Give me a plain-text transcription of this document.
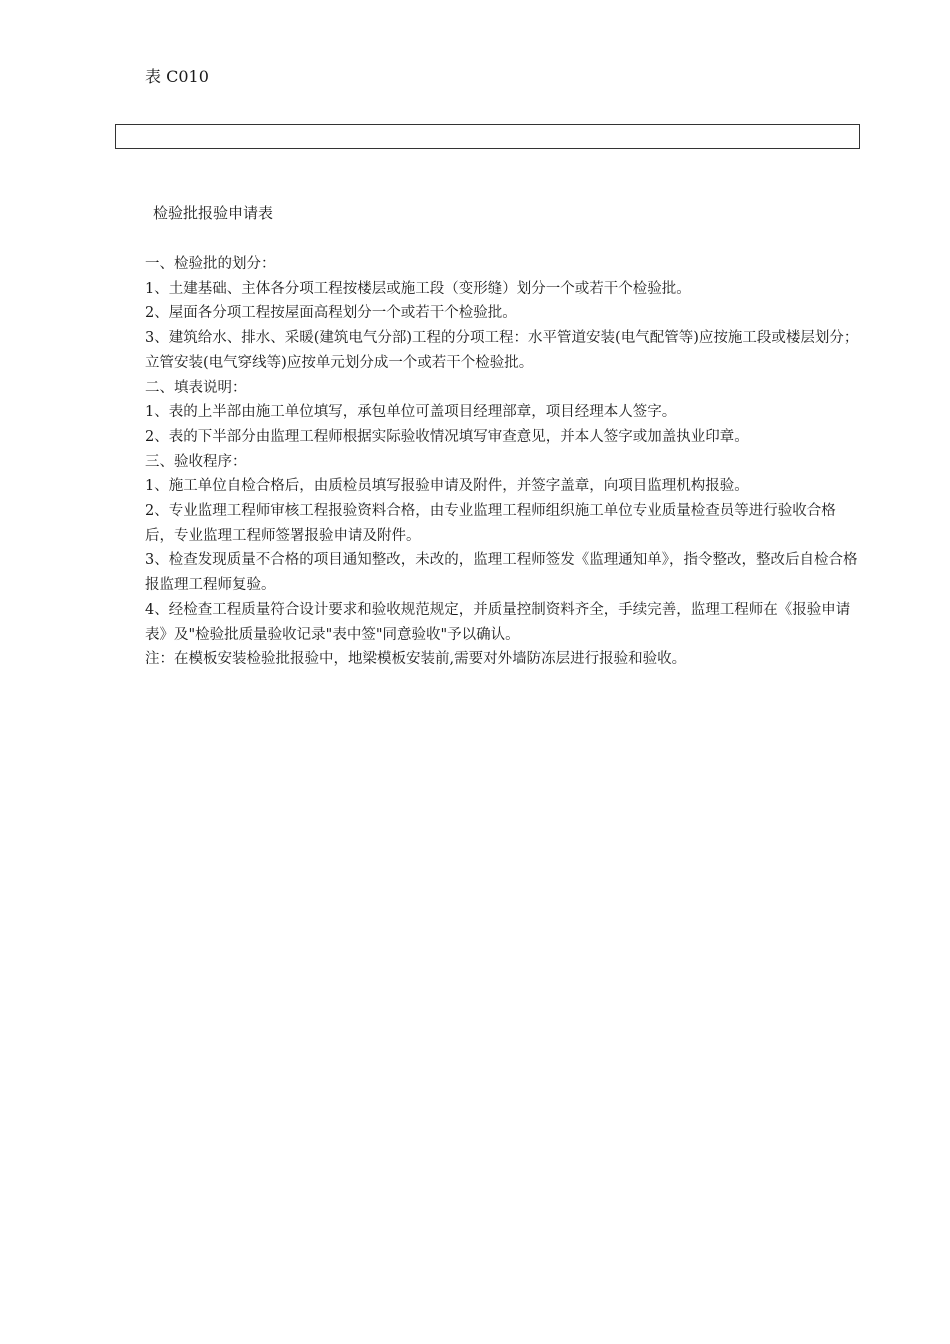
表 C010
检验批报验申请表

一、检验批的划分：

1、土建基础、主体各分项工程按楼层或施工段（变形缝）划分一个或若干个检验批。

2、屋面各分项工程按屋面高程划分一个或若干个检验批。

3、建筑给水、排水、采暖(建筑电气分部)工程的分项工程：水平管道安装(电气配管等)应按施工段或楼层划分；立管安装(电气穿线等)应按单元划分成一个或若干个检验批。

二、填表说明：

1、表的上半部由施工单位填写，承包单位可盖项目经理部章，项目经理本人签字。

2、表的下半部分由监理工程师根据实际验收情况填写审查意见，并本人签字或加盖执业印章。

三、验收程序：

1、施工单位自检合格后，由质检员填写报验申请及附件，并签字盖章，向项目监理机构报验。

2、专业监理工程师审核工程报验资料合格，由专业监理工程师组织施工单位专业质量检查员等进行验收合格后，专业监理工程师签署报验申请及附件。

3、检查发现质量不合格的项目通知整改，未改的，监理工程师签发《监理通知单》，指令整改，整改后自检合格报监理工程师复验。

4、经检查工程质量符合设计要求和验收规范规定，并质量控制资料齐全，手续完善，监理工程师在《报验申请表》及"检验批质量验收记录"表中签"同意验收"予以确认。

注：在模板安装检验批报验中，地梁模板安装前,需要对外墙防冻层进行报验和验收。
